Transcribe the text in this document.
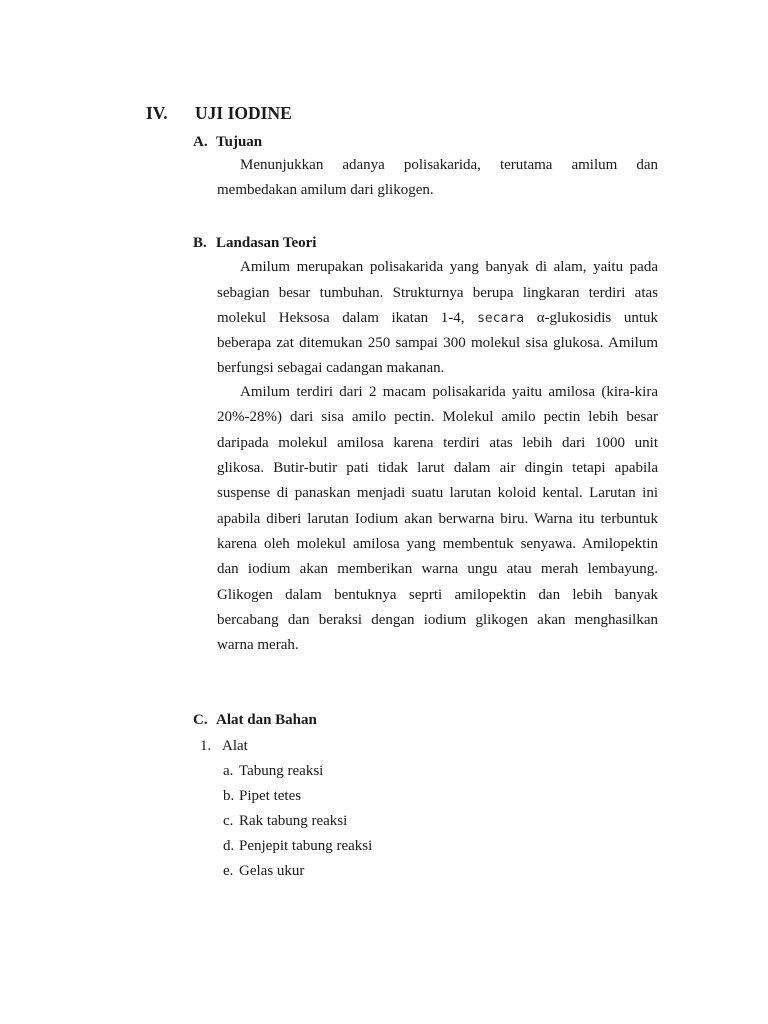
IV. UJI IODINE
A. Tujuan
Menunjukkan adanya polisakarida, terutama amilum dan
membedakan amilum dari glikogen.
B. Landasan Teori
Amilum merupakan polisakarida yang banyak di alam, yaitu pada
sebagian besar tumbuhan. Strukturnya berupa lingkaran terdiri atas
molekul Heksosa dalam ikatan 1-4, secara α-glukosidis untuk
beberapa zat ditemukan 250 sampai 300 molekul sisa glukosa. Amilum
berfungsi sebagai cadangan makanan.
Amilum terdiri dari 2 macam polisakarida yaitu amilosa (kira-kira
20%-28%) dari sisa amilo pectin. Molekul amilo pectin lebih besar
daripada molekul amilosa karena terdiri atas lebih dari 1000 unit
glikosa. Butir-butir pati tidak larut dalam air dingin tetapi apabila
suspense di panaskan menjadi suatu larutan koloid kental. Larutan ini
apabila diberi larutan Iodium akan berwarna biru. Warna itu terbuntuk
karena oleh molekul amilosa yang membentuk senyawa. Amilopektin
dan iodium akan memberikan warna ungu atau merah lembayung.
Glikogen dalam bentuknya seprti amilopektin dan lebih banyak
bercabang dan beraksi dengan iodium glikogen akan menghasilkan
warna merah.
C. Alat dan Bahan
1. Alat
a. Tabung reaksi
b. Pipet tetes
c. Rak tabung reaksi
d. Penjepit tabung reaksi
e. Gelas ukur
